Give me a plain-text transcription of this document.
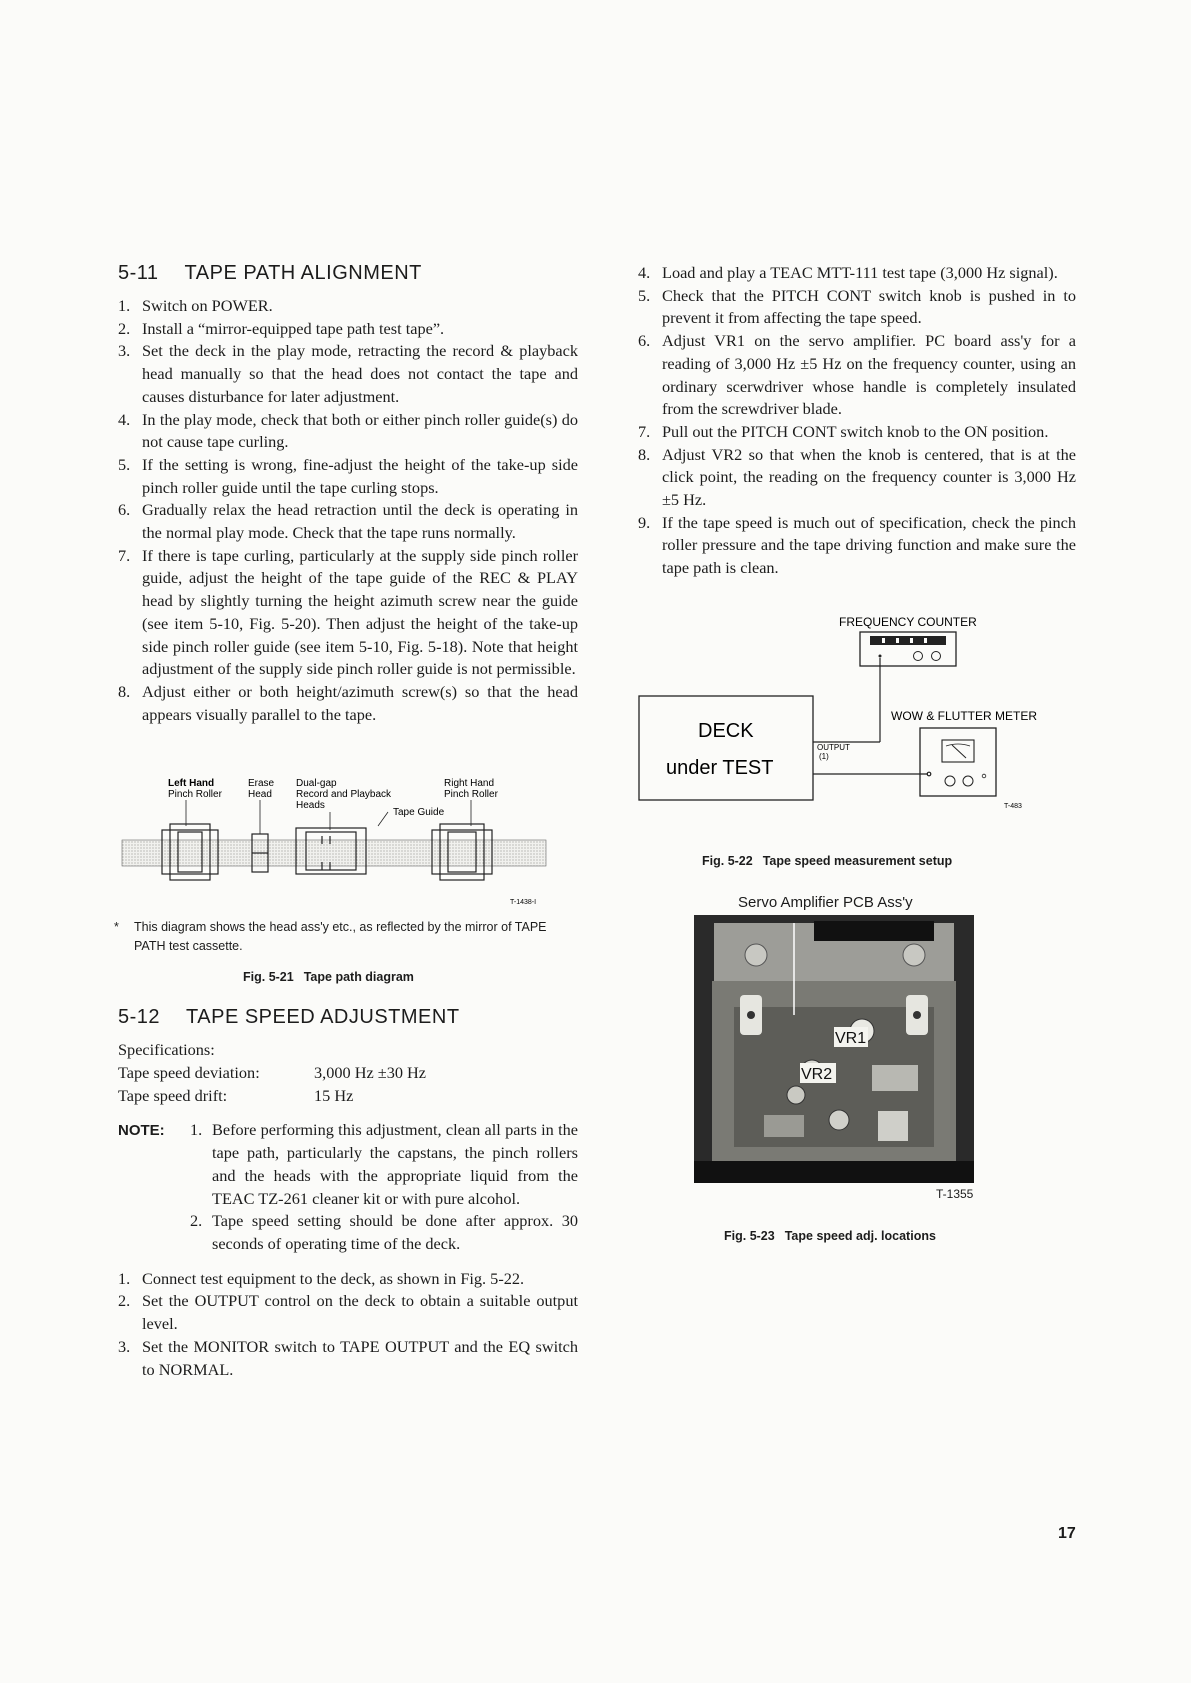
5-11 TAPE PATH ALIGNMENT
1. Switch on POWER.
2. Install a “mirror-equipped tape path test tape”.
3. Set the deck in the play mode, retracting the record & playback head manually so that the head does not contact the tape and causes disturbance for later adjustment.
4. In the play mode, check that both or either pinch roller guide(s) do not cause tape curling.
5. If the setting is wrong, fine-adjust the height of the take-up side pinch roller guide until the tape curling stops.
6. Gradually relax the head retraction until the deck is operating in the normal play mode. Check that the tape runs normally.
7. If there is tape curling, particularly at the supply side pinch roller guide, adjust the height of the tape guide of the REC & PLAY head by slightly turning the height azimuth screw near the guide (see item 5-10, Fig. 5-20). Then adjust the height of the take-up side pinch roller guide (see item 5-10, Fig. 5-18). Note that height adjustment of the supply side pinch roller guide is not permissible.
8. Adjust either or both height/azimuth screw(s) so that the head appears visually parallel to the tape.
Left Hand
Pinch Roller
Erase
Head
Dual-gap
Record and Playback
Heads
Tape Guide
Right Hand
Pinch Roller
T-1438-I
* This diagram shows the head ass'y etc., as reflected by the mirror of TAPE PATH test cassette.
Fig. 5-21 Tape path diagram
5-12 TAPE SPEED ADJUSTMENT
Specifications:
Tape speed deviation:	3,000 Hz ±30 Hz
Tape speed drift:	15 Hz
NOTE:	1. Before performing this adjustment, clean all parts in the tape path, particularly the capstans, the pinch rollers and the heads with the appropriate liquid from the TEAC TZ-261 cleaner kit or with pure alcohol.
2. Tape speed setting should be done after approx. 30 seconds of operating time of the deck.
1. Connect test equipment to the deck, as shown in Fig. 5-22.
2. Set the OUTPUT control on the deck to obtain a suitable output level.
3. Set the MONITOR switch to TAPE OUTPUT and the EQ switch to NORMAL.
4. Load and play a TEAC MTT-111 test tape (3,000 Hz signal).
5. Check that the PITCH CONT switch knob is pushed in to prevent it from affecting the tape speed.
6. Adjust VR1 on the servo amplifier. PC board ass'y for a reading of 3,000 Hz ±5 Hz on the frequency counter, using an ordinary scerwdriver whose handle is completely insulated from the screwdriver blade.
7. Pull out the PITCH CONT switch knob to the ON position.
8. Adjust VR2 so that when the knob is centered, that is at the click point, the reading on the frequency counter is 3,000 Hz ±5 Hz.
9. If the tape speed is much out of specification, check the pinch roller pressure and the tape driving function and make sure the tape path is clean.
FREQUENCY COUNTER
DECK
under TEST
OUTPUT
(1)
WOW & FLUTTER METER
T-483
Fig. 5-22 Tape speed measurement setup
Servo Amplifier PCB Ass'y
VR1
VR2
T-1355
Fig. 5-23 Tape speed adj. locations
17
